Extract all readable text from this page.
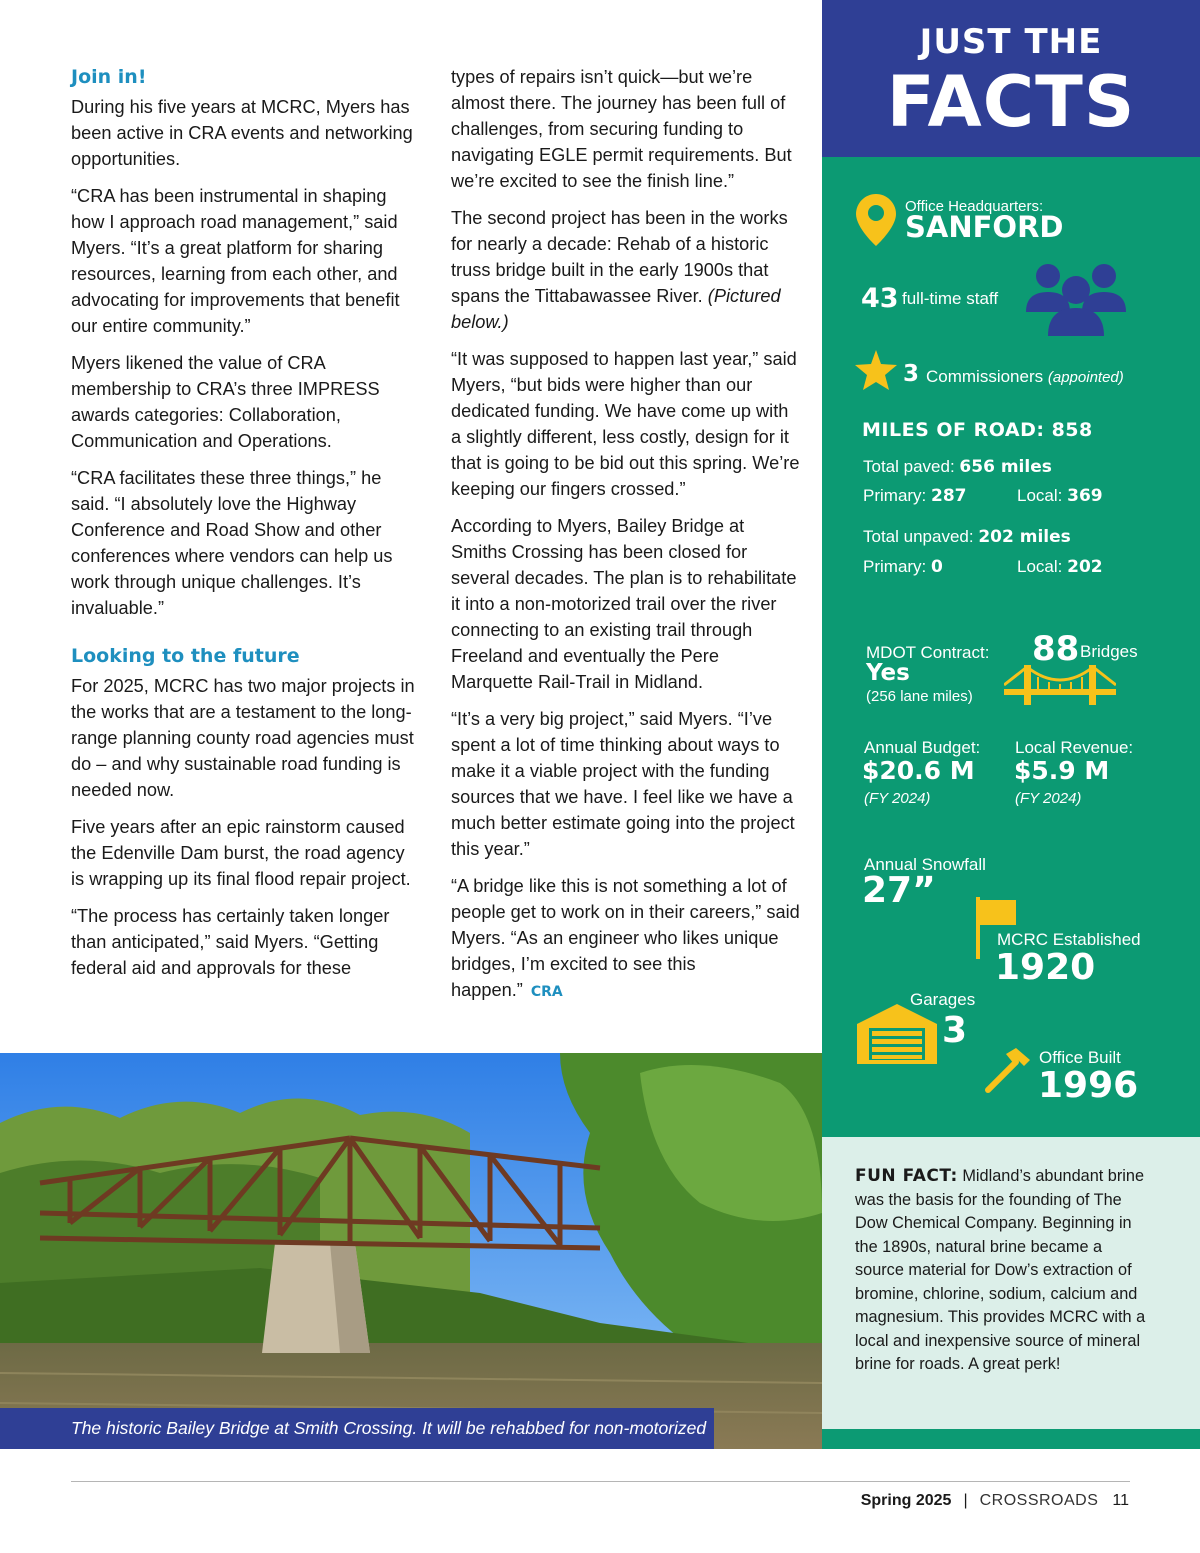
Join in!

During his five years at MCRC, Myers has been active in CRA events and networking opportunities.

“CRA has been instrumental in shaping how I approach road management,” said Myers. “It’s a great platform for sharing resources, learning from each other, and advocating for improvements that benefit our entire community.”

Myers likened the value of CRA membership to CRA’s three IMPRESS awards categories: Collaboration, Communication and Operations.

“CRA facilitates these three things,” he said. “I absolutely love the Highway Conference and Road Show and other conferences where vendors can help us work through unique challenges. It’s invaluable.”

Looking to the future

For 2025, MCRC has two major projects in the works that are a testament to the long-range planning county road agencies must do – and why sustainable road funding is needed now.

Five years after an epic rainstorm caused the Edenville Dam burst, the road agency is wrapping up its final flood repair project.

“The process has certainly taken longer than anticipated,” said Myers. “Getting federal aid and approvals for these

types of repairs isn’t quick—but we’re almost there. The journey has been full of challenges, from securing funding to navigating EGLE permit requirements. But we’re excited to see the finish line.”

The second project has been in the works for nearly a decade: Rehab of a historic truss bridge built in the early 1900s that spans the Tittabawassee River. (Pictured below.)

“It was supposed to happen last year,” said Myers, “but bids were higher than our dedicated funding. We have come up with a slightly different, less costly, design for it that is going to be bid out this spring. We’re keeping our fingers crossed.”

According to Myers, Bailey Bridge at Smiths Crossing has been closed for several decades. The plan is to rehabilitate it into a non-motorized trail over the river connecting to an existing trail through Freeland and eventually the Pere Marquette Rail-Trail in Midland.

“It’s a very big project,” said Myers. “I’ve spent a lot of time thinking about ways to make it a viable project with the funding sources that we have. I feel like we have a much better estimate going into the project this year.”

“A bridge like this is not something a lot of people get to work on in their careers,” said Myers. “As an engineer who likes unique bridges, I’m excited to see this happen.” CRA

The historic Bailey Bridge at Smith Crossing. It will be rehabbed for non-motorized use.
JUST THE
FACTS
Office Headquarters:
SANFORD
43 full-time staff
3 Commissioners (appointed)
MILES OF ROAD: 858
Total paved: 656 miles
Primary: 287	Local: 369
Total unpaved: 202 miles
Primary: 0	Local: 202
MDOT Contract:
Yes
(256 lane miles)
88 Bridges
Annual Budget:
$20.6 M
(FY 2024)
Local Revenue:
$5.9 M
(FY 2024)
Annual Snowfall
27”
MCRC Established
1920
Garages
3
Office Built
1996
FUN FACT: Midland’s abundant brine was the basis for the founding of The Dow Chemical Company. Beginning in the 1890s, natural brine became a source material for Dow’s extraction of bromine, chlorine, sodium, calcium and magnesium. This provides MCRC with a local and inexpensive source of mineral brine for roads. A great perk!
Spring 2025 | CROSSROADS 11
